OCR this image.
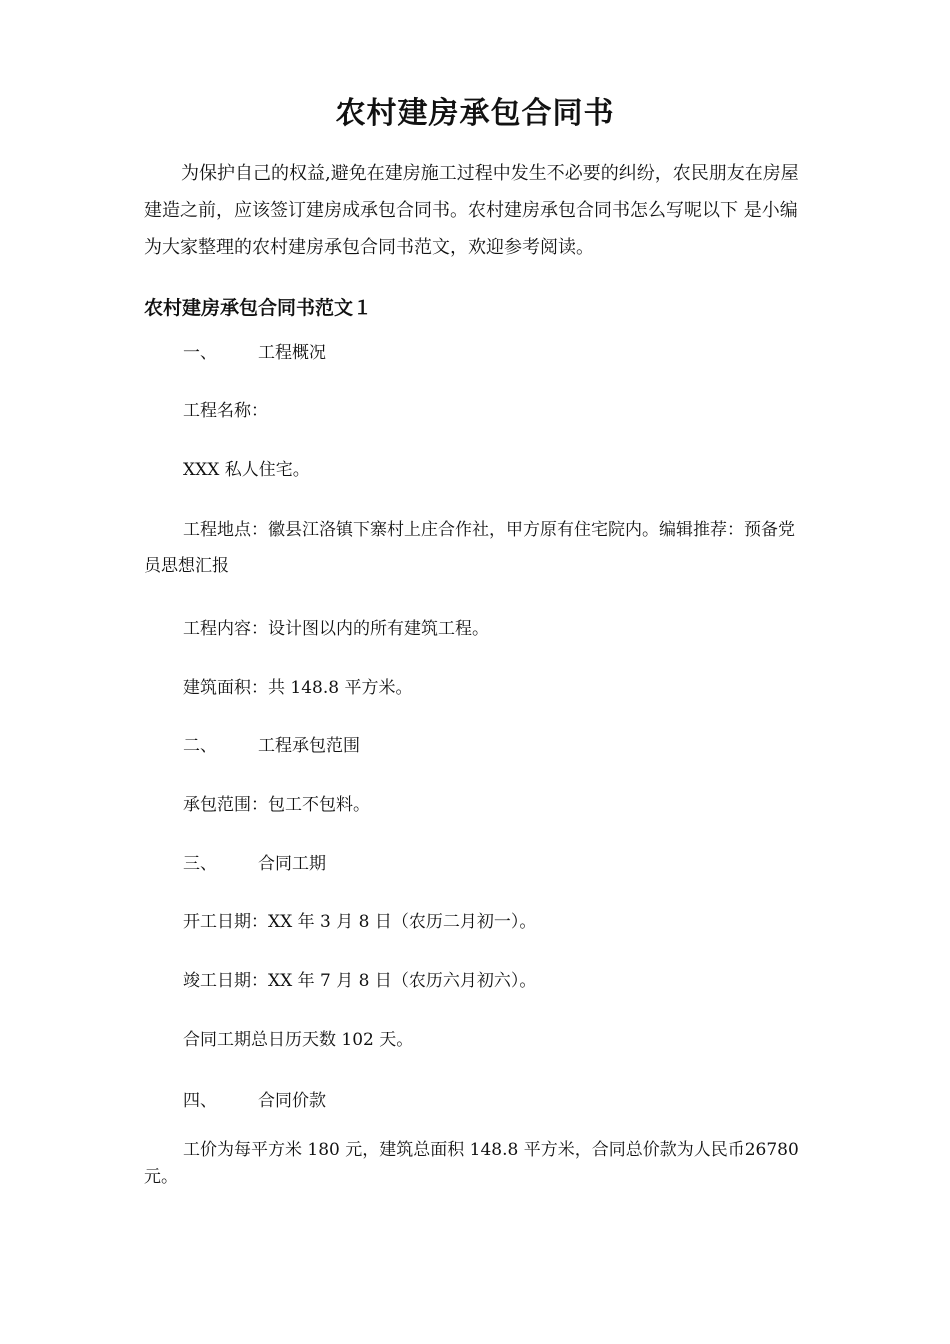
农村建房承包合同书

为保护自己的权益,避免在建房施工过程中发生不必要的纠纷，农民朋友在房屋建造之前，应该签订建房成承包合同书。农村建房承包合同书怎么写呢以下 是小编为大家整理的农村建房承包合同书范文，欢迎参考阅读。

农村建房承包合同书范文１

一、 工程概况

工程名称：

XXX 私人住宅。

工程地点：徽县江洛镇下寨村上庄合作社，甲方原有住宅院内。编辑推荐：预备党员思想汇报

工程内容：设计图以内的所有建筑工程。

建筑面积：共 148.8 平方米。

二、 工程承包范围

承包范围：包工不包料。

三、 合同工期

开工日期：XX 年 3 月 8 日（农历二月初一）。

竣工日期：XX 年 7 月 8 日（农历六月初六）。

合同工期总日历天数 102 天。

四、 合同价款

工价为每平方米 180 元，建筑总面积 148.8 平方米，合同总价款为人民币26780 元。
